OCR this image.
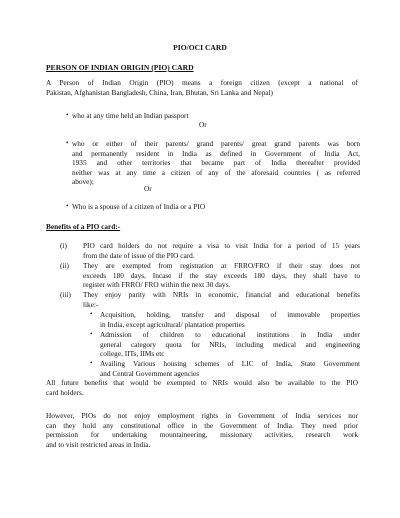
PIO/OCI CARD
PERSON OF INDIAN ORIGIN (PIO) CARD
A Person of Indian Origin (PIO) means a foreign citizen (except a national of
Pakistan, Afghanistan Bangladesh, China, Iran, Bhutan, Sri Lanka and Nepal)
• who at any time held an Indian passport
Or
• who or either of their parents/ grand parents/ great grand parents was born
and permanently resident in India as defined in Government of India Act,
1935 and other territories that became part of India thereafter provided
neither was at any time a citizen of any of the aforesaid countries ( as referred
above);
Or
• Who is a spouse of a citizen of India or a PIO
Benefits of a PIO card:-
(i) PIO card holders do not require a visa to visit India for a period of 15 years
from the date of issue of the PIO card.
(ii) They are exempted from registration at FRRO/FRO if their stay does not
exceeds 180 days, Incase if the stay exceeds 180 days, they shall have to
register with FRRO/ FRO within the next 30 days.
(iii) They enjoy parity with NRIs in economic, financial and educational benefits
like:-
• Acquisition, holding, transfer and disposal of immovable properties
in India, except agricultural/ plantation properties
• Admission of children to educational institutions in India under
general category quota for NRIs, including medical and engineering
college, IITs, IIMs etc
• Availing Various housing schemes of LIC of India, State Government
and Central Government agencies
All future benefits that would be exempted to NRIs would also be available to the PIO
card holders.
However, PIOs do not enjoy employment rights in Government of India services nor
can they hold any constitutional office in the Government of India. They need prior
permission for undertaking mountaineering, missionary activities, research work
and to visit restricted areas in India.
